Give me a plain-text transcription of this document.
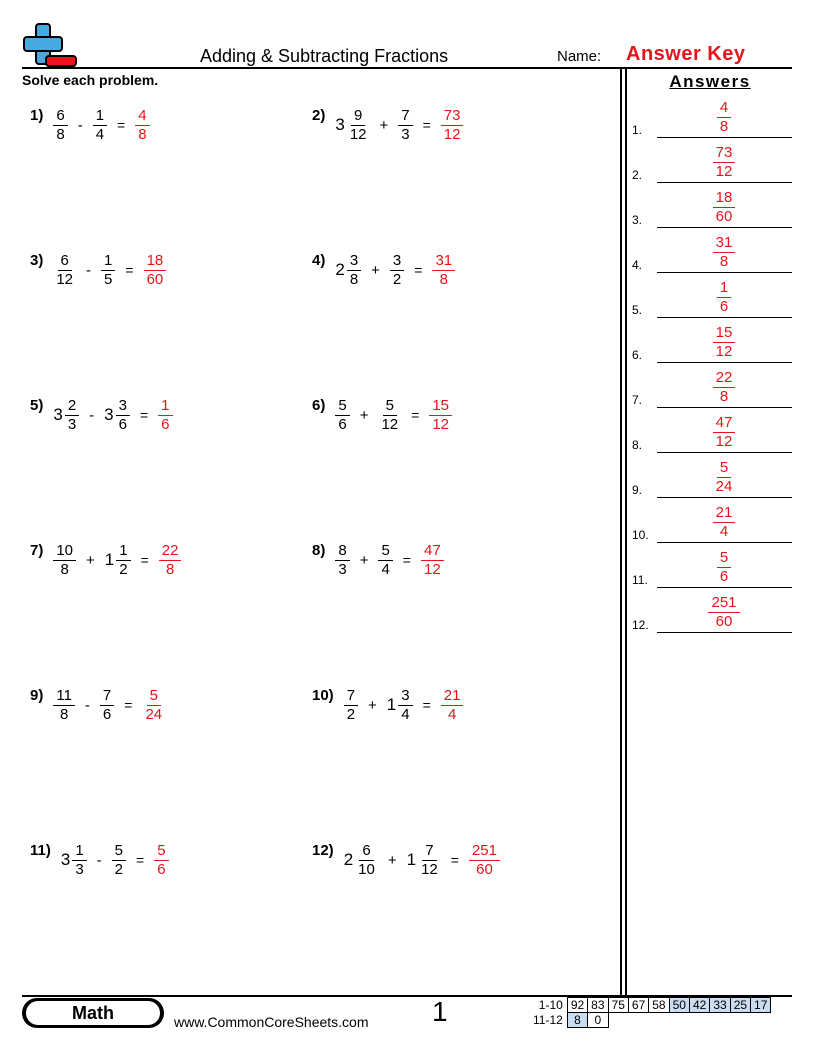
Adding & Subtracting Fractions	Name: Answer Key
Solve each problem.	Answers
$1) \frac{6}{8} - \frac{1}{4} = \frac{4}{8}$	2) $3 \frac{9}{12} + \frac{7}{3} = \frac{73}{12}$
$3) \frac{6}{12} - \frac{1}{5} = \frac{18}{60}$	4) $2 \frac{3}{8} + \frac{3}{2} = \frac{31}{8}$
5) $3 \frac{2}{3} - 3 \frac{3}{6} = \frac{1}{6}$	$6) \frac{5}{6} + \frac{5}{12} = \frac{15}{12}$
$7) \frac{10}{8} + 1 \frac{1}{2} = \frac{22}{8}$	$8) \frac{8}{3} + \frac{5}{4} = \frac{47}{12}$
$9) \frac{11}{8} - \frac{7}{6} = \frac{5}{24}$	$10) \frac{7}{2} + 1 \frac{3}{4} = \frac{21}{4}$
11) $3 \frac{1}{3} - \frac{5}{2} = \frac{5}{6}$	12) $2 \frac{6}{10} + 1 \frac{7}{12} = \frac{251}{60}$
1.	$\frac{4}{8}$
2.	$\frac{73}{12}$
3.	$\frac{18}{60}$
4.	$\frac{31}{8}$
5.	$\frac{1}{6}$
6.	$\frac{15}{12}$
7.	$\frac{22}{8}$
8.	$\frac{47}{12}$
9.	$\frac{5}{24}$
10.	$\frac{21}{4}$
11.	$\frac{5}{6}$
12.	$\frac{251}{60}$
Math	www.CommonCoreSheets.com 1	1-10	92	83	75	67	58	50	42	33	25	17
11-12	8	0								
